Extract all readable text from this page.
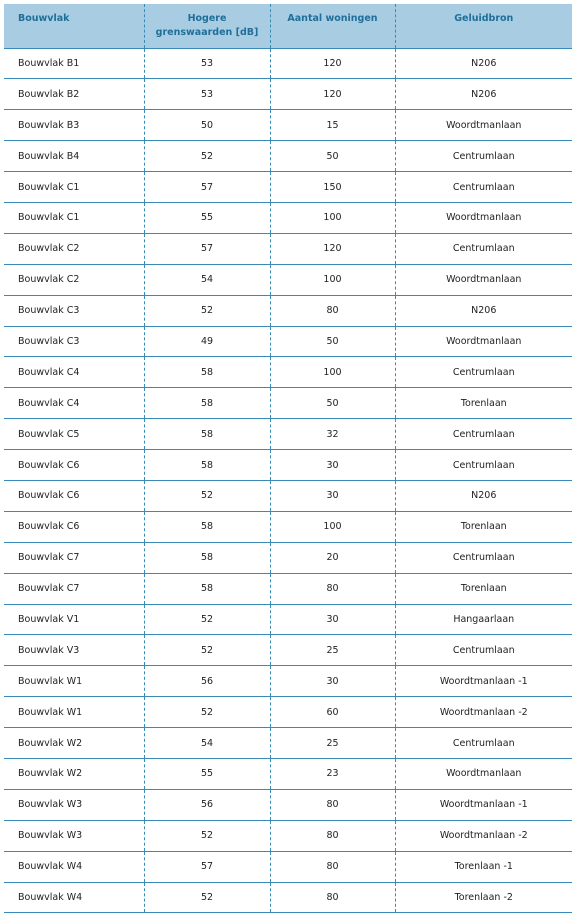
Bouwvlak	Hogere grenswaarden [dB]	Aantal woningen	Geluidbron
Bouwvlak B1	53	120	N206
Bouwvlak B2	53	120	N206
Bouwvlak B3	50	15	Woordtmanlaan
Bouwvlak B4	52	50	Centrumlaan
Bouwvlak C1	57	150	Centrumlaan
Bouwvlak C1	55	100	Woordtmanlaan
Bouwvlak C2	57	120	Centrumlaan
Bouwvlak C2	54	100	Woordtmanlaan
Bouwvlak C3	52	80	N206
Bouwvlak C3	49	50	Woordtmanlaan
Bouwvlak C4	58	100	Centrumlaan
Bouwvlak C4	58	50	Torenlaan
Bouwvlak C5	58	32	Centrumlaan
Bouwvlak C6	58	30	Centrumlaan
Bouwvlak C6	52	30	N206
Bouwvlak C6	58	100	Torenlaan
Bouwvlak C7	58	20	Centrumlaan
Bouwvlak C7	58	80	Torenlaan
Bouwvlak V1	52	30	Hangaarlaan
Bouwvlak V3	52	25	Centrumlaan
Bouwvlak W1	56	30	Woordtmanlaan -1
Bouwvlak W1	52	60	Woordtmanlaan -2
Bouwvlak W2	54	25	Centrumlaan
Bouwvlak W2	55	23	Woordtmanlaan
Bouwvlak W3	56	80	Woordtmanlaan -1
Bouwvlak W3	52	80	Woordtmanlaan -2
Bouwvlak W4	57	80	Torenlaan -1
Bouwvlak W4	52	80	Torenlaan -2
